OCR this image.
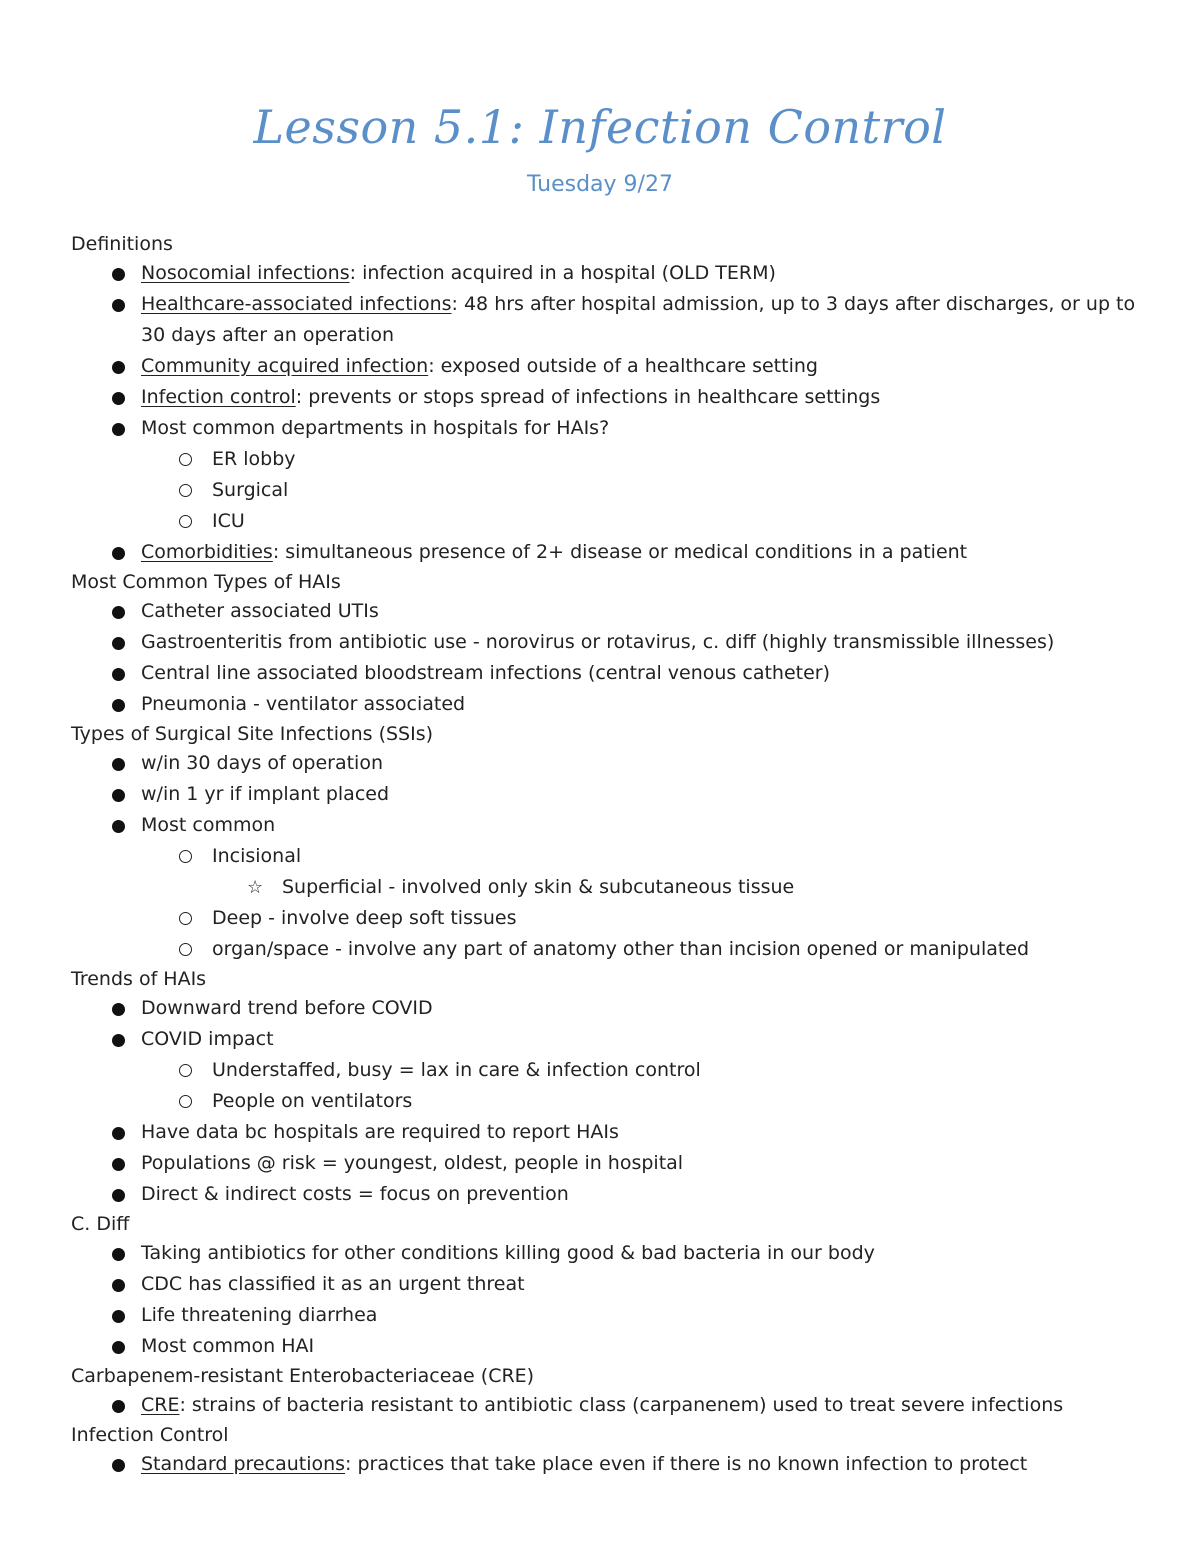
Lesson 5.1: Infection Control
Tuesday 9/27
Definitions
Nosocomial infections: infection acquired in a hospital (OLD TERM)
Healthcare-associated infections: 48 hrs after hospital admission, up to 3 days after discharges, or up to 30 days after an operation
Community acquired infection: exposed outside of a healthcare setting
Infection control: prevents or stops spread of infections in healthcare settings
Most common departments in hospitals for HAIs?
ER lobby
Surgical
ICU
Comorbidities: simultaneous presence of 2+ disease or medical conditions in a patient
Most Common Types of HAIs
Catheter associated UTIs
Gastroenteritis from antibiotic use - norovirus or rotavirus, c. diff (highly transmissible illnesses)
Central line associated bloodstream infections (central venous catheter)
Pneumonia - ventilator associated
Types of Surgical Site Infections (SSIs)
w/in 30 days of operation
w/in 1 yr if implant placed
Most common
Incisional
☆ Superficial - involved only skin & subcutaneous tissue
Deep - involve deep soft tissues
organ/space - involve any part of anatomy other than incision opened or manipulated
Trends of HAIs
Downward trend before COVID
COVID impact
Understaffed, busy = lax in care & infection control
People on ventilators
Have data bc hospitals are required to report HAIs
Populations @ risk = youngest, oldest, people in hospital
Direct & indirect costs = focus on prevention
C. Diff
Taking antibiotics for other conditions killing good & bad bacteria in our body
CDC has classified it as an urgent threat
Life threatening diarrhea
Most common HAI
Carbapenem-resistant Enterobacteriaceae (CRE)
CRE: strains of bacteria resistant to antibiotic class (carpanenem) used to treat severe infections
Infection Control
Standard precautions: practices that take place even if there is no known infection to protect
